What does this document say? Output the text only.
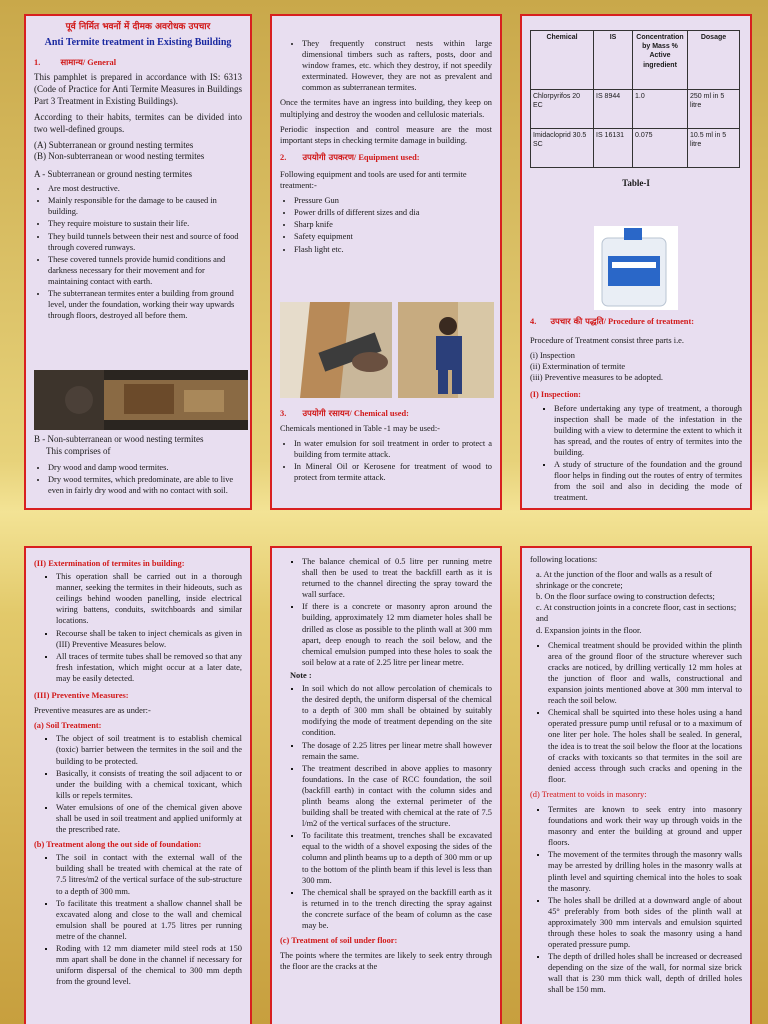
पूर्व निर्मित भवनों में दीमक अवरोधक उपचार
Anti Termite treatment in Existing Building
1. सामान्य/ General

This pamphlet is prepared in accordance with IS: 6313 (Code of Practice for Anti Termite Measures in Buildings Part 3 Treatment in Existing Buildings).

According to their habits, termites can be divided into two well-defined groups.

(A) Subterranean or ground nesting termites
(B) Non-subterranean or wood nesting termites
A - Subterranean or ground nesting termites
• Are most destructive.
• Mainly responsible for the damage to be caused in building.
• They require moisture to sustain their life.
• They build tunnels between their nest and source of food through covered runways.
• These covered tunnels provide humid conditions and darkness necessary for their movement and for maintaining contact with earth.
• The subterranean termites enter a building from ground level, under the foundation, working their way upwards through floors, destroyed all before them.
B - Non-subterranean or wood nesting termites
This comprises of
• Dry wood and damp wood termites.
• Dry wood termites, which predominate, are able to live even in fairly dry wood and with no contact with soil.
• They frequently construct nests within large dimensional timbers such as rafters, posts, door and window frames, etc. which they destroy, if not speedily exterminated. However, they are not as prevalent and common as subterranean termites.

Once the termites have an ingress into building, they keep on multiplying and destroy the wooden and cellulosic materials.

Periodic inspection and control measure are the most important steps in checking termite damage in building.

2. उपयोगी उपकरण/ Equipment used:

Following equipment and tools are used for anti termite treatment:-

• Pressure Gun
• Power drills of different sizes and dia
• Sharp knife
• Safety equipment
• Flash light etc.
3. उपयोगी रसायन/ Chemical used:

Chemicals mentioned in Table -1 may be used:-

• In water emulsion for soil treatment in order to protect a building from termite attack.
• In Mineral Oil or Kerosene for treatment of wood to protect from termite attack.
Chemical	IS	Concentration by Mass % Active ingredient	Dosage
Chlorpyrifos 20 EC	IS 8944	1.0	250 ml in 5 litre
Imidacloprid 30.5 SC	IS 16131	0.075	10.5 ml in 5 litre
Table-I
4. उपचार की पद्धति/ Procedure of treatment:

Procedure of Treatment consist three parts i.e.

(i) Inspection
(ii) Extermination of termite
(iii) Preventive measures to be adopted.
(I) Inspection:
▪ Before undertaking any type of treatment, a thorough inspection shall be made of the infestation in the building with a view to determine the extent to which it has spread, and the routes of entry of termites into the building.
▪ A study of structure of the foundation and the ground floor helps in finding out the routes of entry of termites from the soil and also in deciding the mode of treatment.
(II) Extermination of termites in building:
▪ This operation shall be carried out in a thorough manner, seeking the termites in their hideouts, such as ceilings behind wooden panelling, inside electrical wiring battens, conduits, switchboards and similar locations.
▪ Recourse shall be taken to inject chemicals as given in (III) Preventive Measures below.
▪ All traces of termite tubes shall be removed so that any fresh infestation, which might occur at a later date, may be easily detected.
(III) Preventive Measures:

Preventive measures are as under:-

(a) Soil Treatment:
▪ The object of soil treatment is to establish chemical (toxic) barrier between the termites in the soil and the building to be protected.
▪ Basically, it consists of treating the soil adjacent to or under the building with a chemical toxicant, which kills or repels termites.
▪ Water emulsions of one of the chemical given above shall be used in soil treatment and applied uniformly at the prescribed rate.
(b) Treatment along the out side of foundation:
▪ The soil in contact with the external wall of the building shall be treated with chemical at the rate of 7.5 litres/m2 of the vertical surface of the sub-structure to a depth of 300 mm.
▪ To facilitate this treatment a shallow channel shall be excavated along and close to the wall and chemical emulsion shall be poured at 1.75 litres per running metre of the channel.
▪ Roding with 12 mm diameter mild steel rods at 150 mm apart shall be done in the channel if necessary for uniform dispersal of the chemical to 300 mm depth from the ground level.
▪ The balance chemical of 0.5 litre per running metre shall then be used to treat the backfill earth as it is returned to the channel directing the spray toward the wall surface.
▪ If there is a concrete or masonry apron around the building, approximately 12 mm diameter holes shall be drilled as close as possible to the plinth wall at 300 mm apart, deep enough to reach the soil below, and the chemical emulsion pumped into these holes to soak the soil below at a rate of 2.25 litre per linear metre.
Note :
▪ In soil which do not allow percolation of chemicals to the desired depth, the uniform dispersal of the chemical to a depth of 300 mm shall be obtained by suitably modifying the mode of treatment depending on the site condition.
▪ The dosage of 2.25 litres per linear metre shall however remain the same.
▪ The treatment described in above applies to masonry foundations. In the case of RCC foundation, the soil (backfill earth) in contact with the column sides and plinth beams along the external perimeter of the building shall be treated with chemical at the rate of 7.5 l/m2 of the vertical surfaces of the structure.
▪ To facilitate this treatment, trenches shall be excavated equal to the width of a shovel exposing the sides of the column and plinth beams up to a depth of 300 mm or up to the bottom of the plinth beam if this level is less than 300 mm.
▪ The chemical shall be sprayed on the backfill earth as it is returned in to the trench directing the spray against the concrete surface of the beam of column as the case may be.
(c) Treatment of soil under floor:

The points where the termites are likely to seek entry through the floor are the cracks at the

following locations:
a. At the junction of the floor and walls as a result of shrinkage or the concrete;
b. On the floor surface owing to construction defects;
c. At construction joints in a concrete floor, cast in sections; and
d. Expansion joints in the floor.
▪ Chemical treatment should be provided within the plinth area of the ground floor of the structure wherever such cracks are noticed, by drilling vertically 12 mm holes at the junction of floor and walls, constructional and expansion joints mentioned above at 300 mm interval to reach the soil below.
▪ Chemical shall be squirted into these holes using a hand operated pressure pump until refusal or to a maximum of one liter per hole. The holes shall be sealed. In general, the idea is to treat the soil below the floor at the locations of cracks with toxicants so that termites in the soil are denied access through such cracks and opening in the floor.
(d) Treatment to voids in masonry:
▪ Termites are known to seek entry into masonry foundations and work their way up through voids in the masonry and enter the building at ground and upper floors.
▪ The movement of the termites through the masonry walls may be arrested by drilling holes in the masonry walls at plinth level and squirting chemical into the holes to soak the masonry.
▪ The holes shall be drilled at a downward angle of about 45° preferably from both sides of the plinth wall at approximately 300 mm intervals and emulsion squirted through these holes to soak the masonry using a hand operated pressure pump.
▪ The depth of drilled holes shall be increased or decreased depending on the size of the wall, for normal size brick wall that is 230 mm thick wall, depth of drilled holes shall be 150 mm.
